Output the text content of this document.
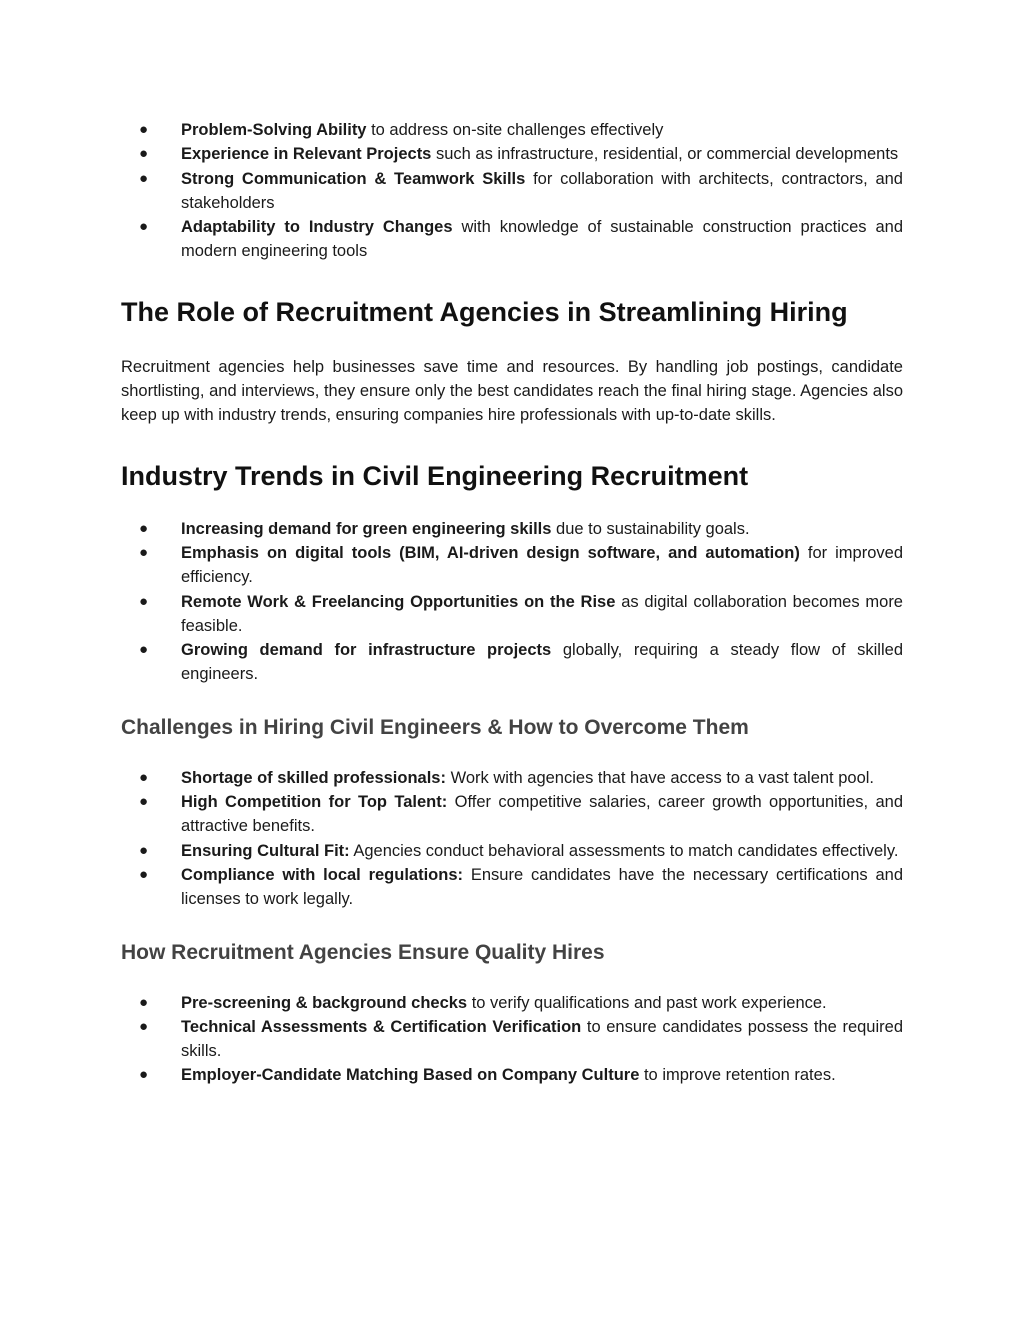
● Problem-Solving Ability to address on-site challenges effectively
● Experience in Relevant Projects such as infrastructure, residential, or commercial developments
● Strong Communication & Teamwork Skills for collaboration with architects, contractors, and stakeholders
● Adaptability to Industry Changes with knowledge of sustainable construction practices and modern engineering tools
The Role of Recruitment Agencies in Streamlining Hiring

Recruitment agencies help businesses save time and resources. By handling job postings, candidate shortlisting, and interviews, they ensure only the best candidates reach the final hiring stage. Agencies also keep up with industry trends, ensuring companies hire professionals with up-to-date skills.

Industry Trends in Civil Engineering Recruitment
● Increasing demand for green engineering skills due to sustainability goals.
● Emphasis on digital tools (BIM, AI-driven design software, and automation) for improved efficiency.
● Remote Work & Freelancing Opportunities on the Rise as digital collaboration becomes more feasible.
● Growing demand for infrastructure projects globally, requiring a steady flow of skilled engineers.
Challenges in Hiring Civil Engineers & How to Overcome Them
● Shortage of skilled professionals: Work with agencies that have access to a vast talent pool.
● High Competition for Top Talent: Offer competitive salaries, career growth opportunities, and attractive benefits.
● Ensuring Cultural Fit: Agencies conduct behavioral assessments to match candidates effectively.
● Compliance with local regulations: Ensure candidates have the necessary certifications and licenses to work legally.
How Recruitment Agencies Ensure Quality Hires
● Pre-screening & background checks to verify qualifications and past work experience.
● Technical Assessments & Certification Verification to ensure candidates possess the required skills.
● Employer-Candidate Matching Based on Company Culture to improve retention rates.
